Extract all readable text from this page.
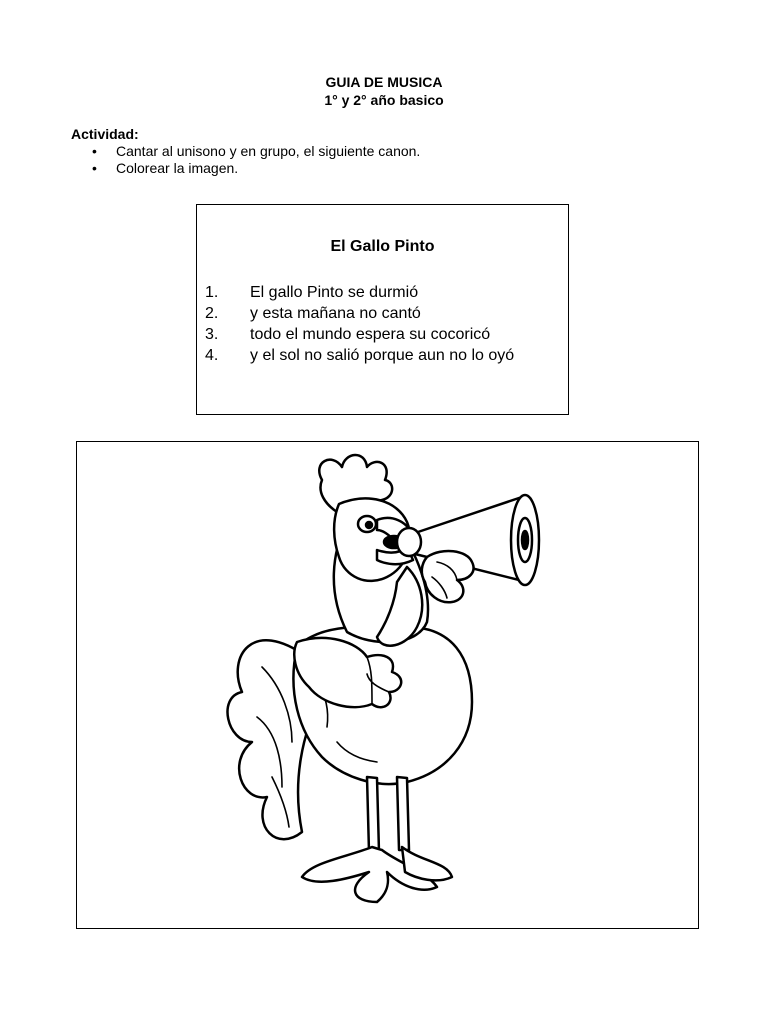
GUIA DE MUSICA
1° y 2° año basico
Actividad:
• Cantar al unisono y en grupo, el siguiente canon.
• Colorear la imagen.
El Gallo Pinto
1. El gallo Pinto se durmió
2. y esta mañana no cantó
3. todo el mundo espera su cocoricó
4. y el sol no salió porque aun no lo oyó
